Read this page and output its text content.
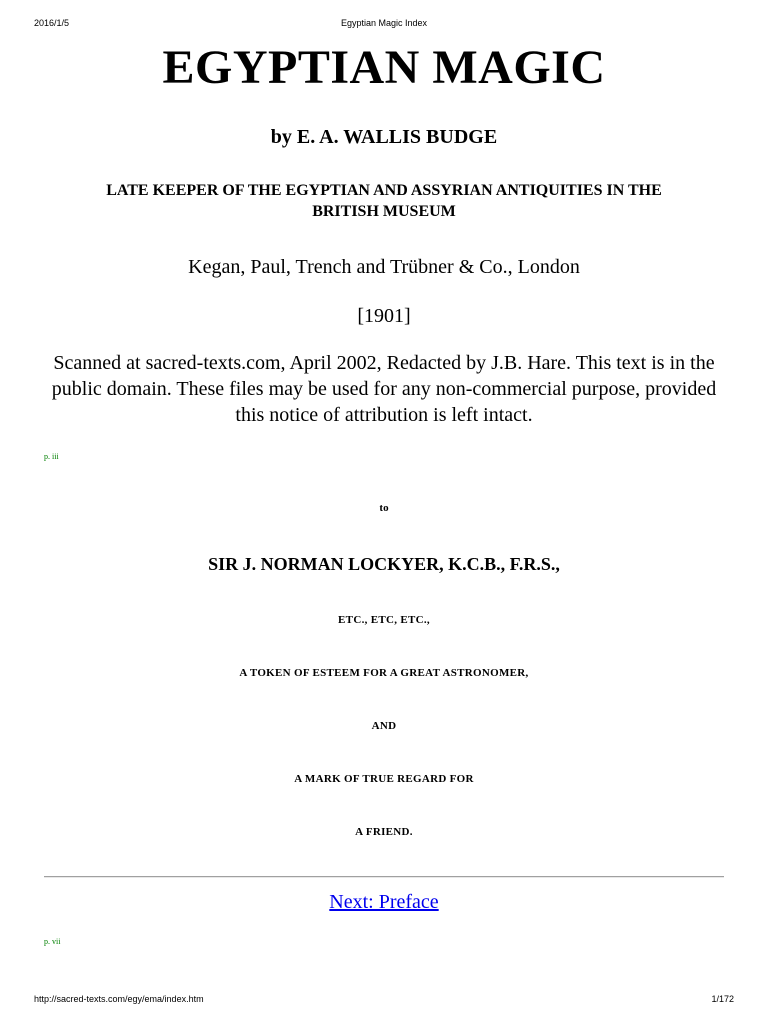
2016/1/5	Egyptian Magic Index
EGYPTIAN MAGIC
by E. A. WALLIS BUDGE
LATE KEEPER OF THE EGYPTIAN AND ASSYRIAN ANTIQUITIES IN THE BRITISH MUSEUM
Kegan, Paul, Trench and Trübner & Co., London
[1901]
Scanned at sacred-texts.com, April 2002, Redacted by J.B. Hare. This text is in the public domain. These files may be used for any non-commercial purpose, provided this notice of attribution is left intact.
p. iii
to
SIR J. NORMAN LOCKYER, K.C.B., F.R.S.,
ETC., ETC, ETC.,
A TOKEN OF ESTEEM FOR A GREAT ASTRONOMER,
AND
A MARK OF TRUE REGARD FOR
A FRIEND.
Next: Preface
p. vii
http://sacred-texts.com/egy/ema/index.htm	1/172
